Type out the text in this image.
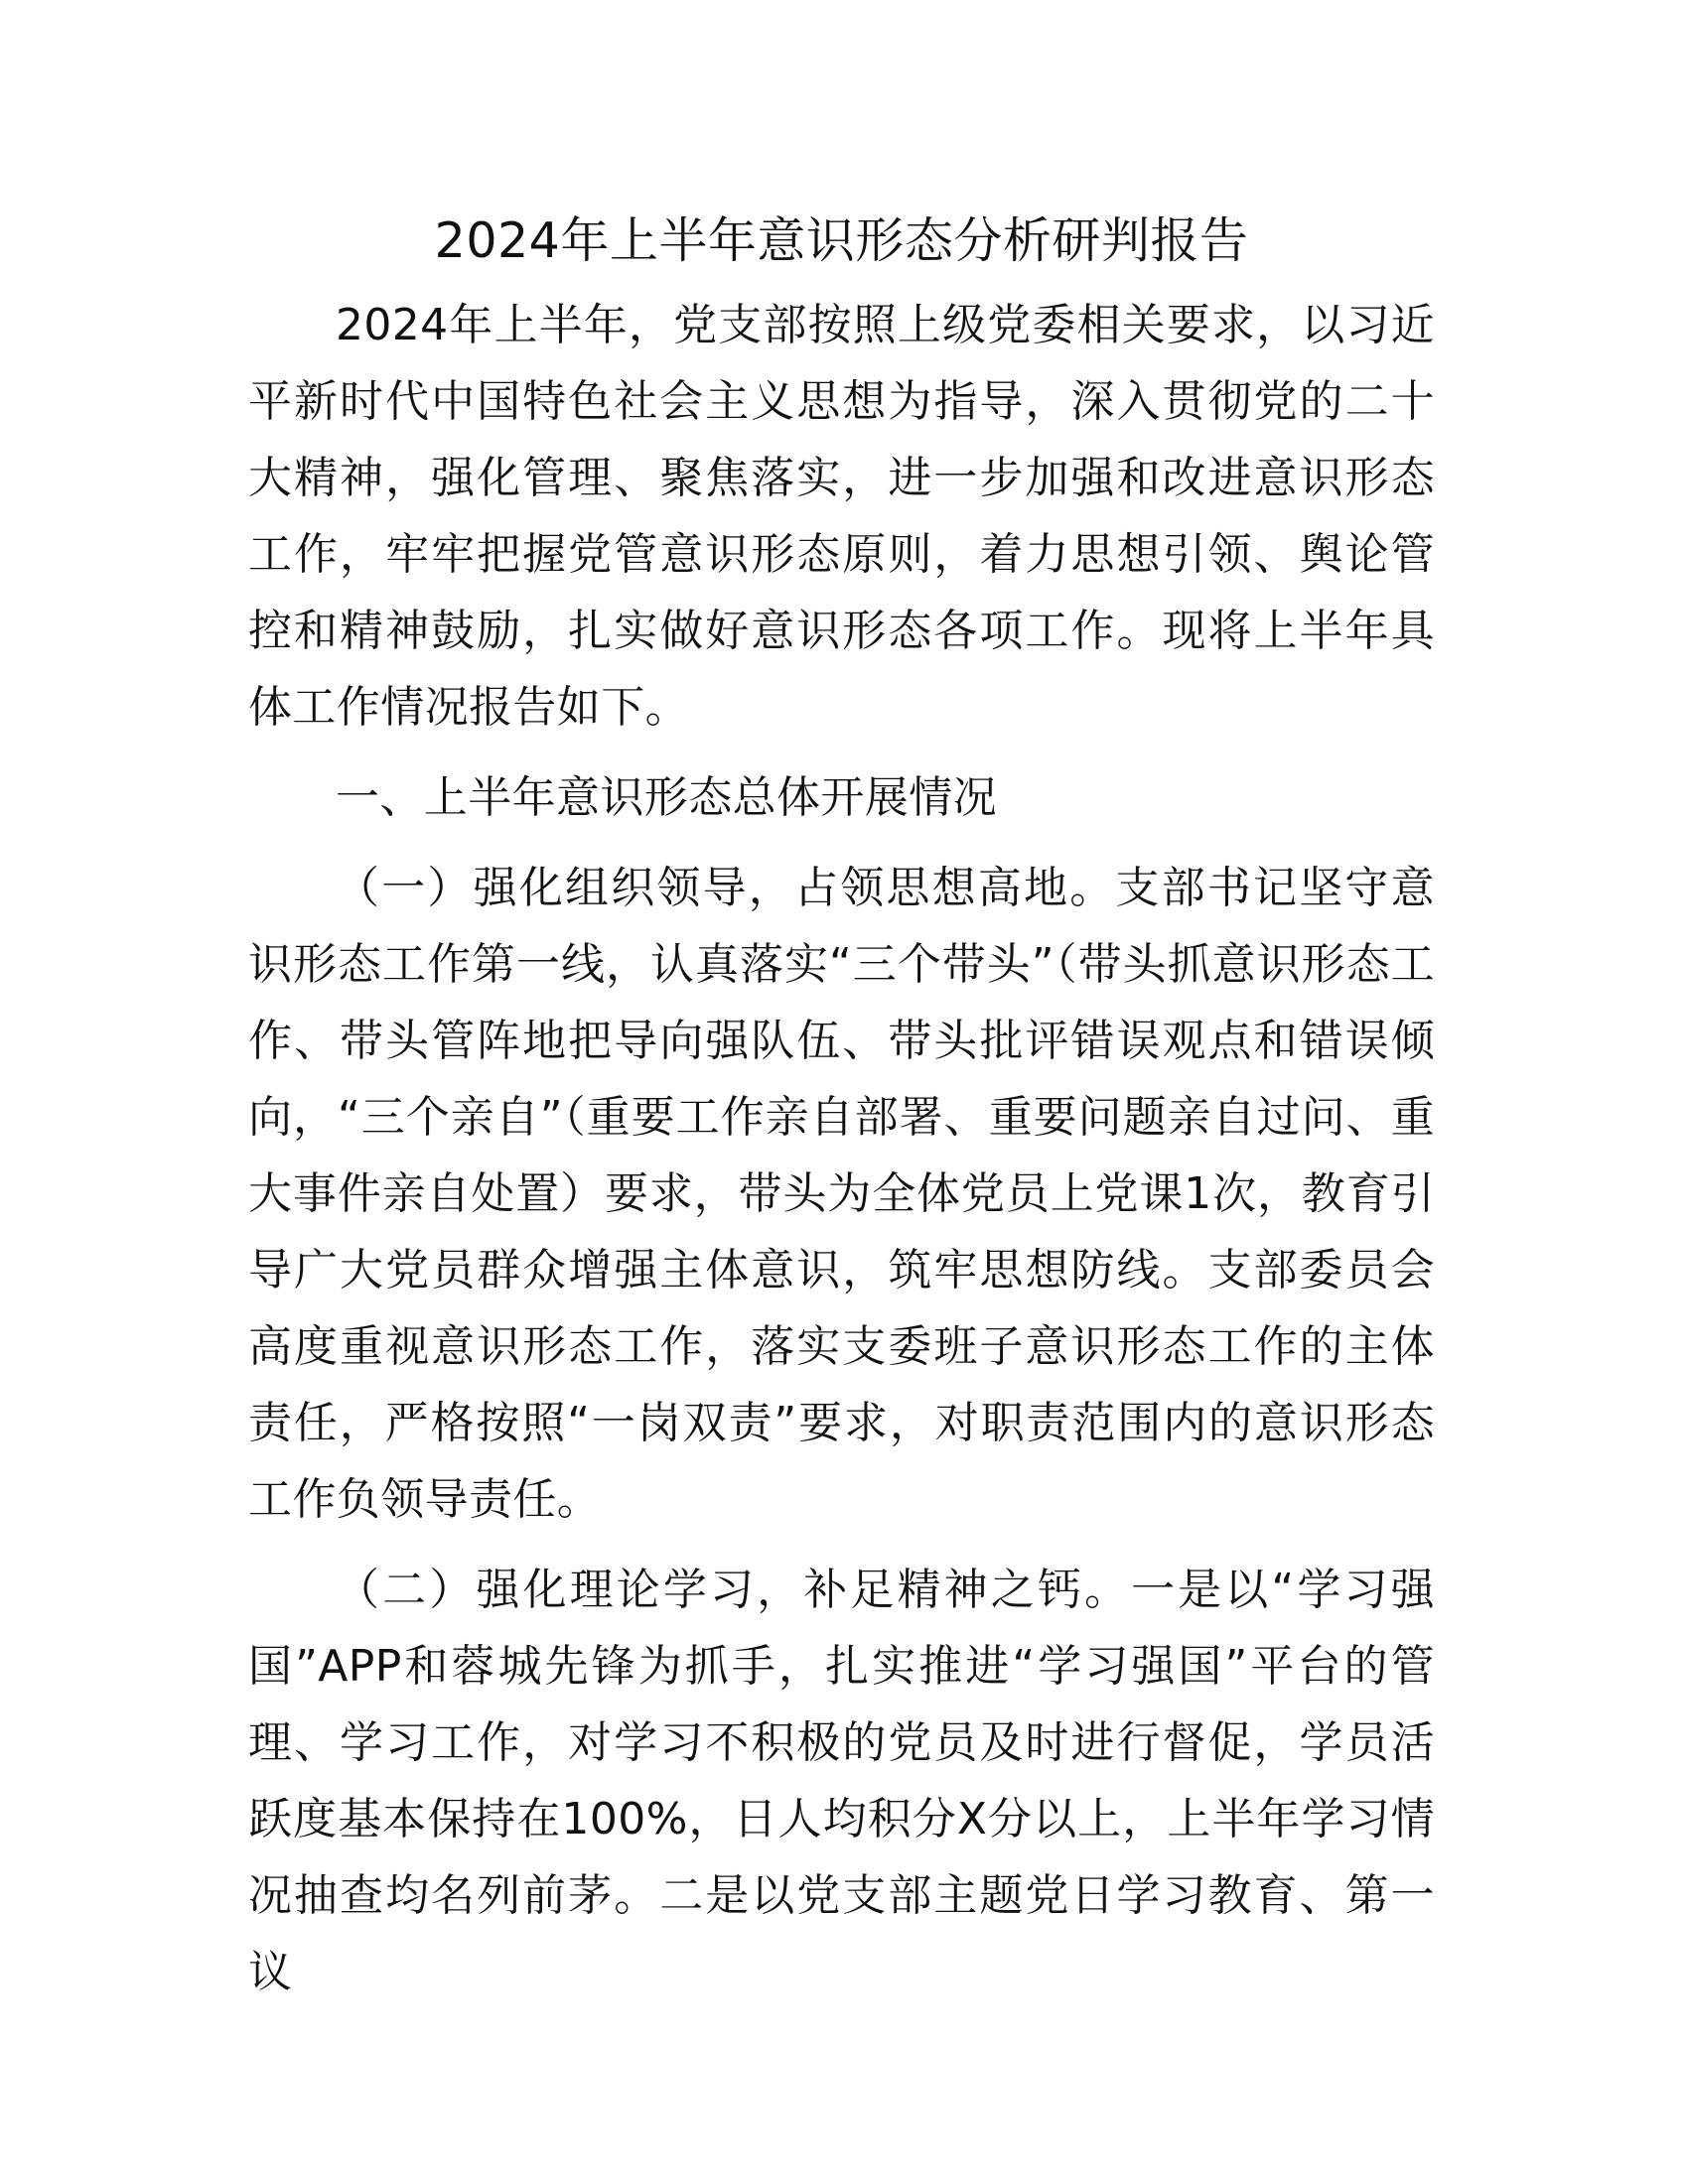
2024年上半年意识形态分析研判报告

2024年上半年，党支部按照上级党委相关要求，以习近平新时代中国特色社会主义思想为指导，深入贯彻党的二十大精神，强化管理、聚焦落实，进一步加强和改进意识形态工作，牢牢把握党管意识形态原则，着力思想引领、舆论管控和精神鼓励，扎实做好意识形态各项工作。现将上半年具体工作情况报告如下。

一、上半年意识形态总体开展情况

（一）强化组织领导，占领思想高地。支部书记坚守意识形态工作第一线，认真落实“三个带头”（带头抓意识形态工作、带头管阵地把导向强队伍、带头批评错误观点和错误倾向，“三个亲自”（重要工作亲自部署、重要问题亲自过问、重大事件亲自处置）要求，带头为全体党员上党课1次，教育引导广大党员群众增强主体意识，筑牢思想防线。支部委员会高度重视意识形态工作，落实支委班子意识形态工作的主体责任，严格按照“一岗双责”要求，对职责范围内的意识形态工作负领导责任。

（二）强化理论学习，补足精神之钙。一是以“学习强国”APP和蓉城先锋为抓手，扎实推进“学习强国”平台的管理、学习工作，对学习不积极的党员及时进行督促，学员活跃度基本保持在100%，日人均积分X分以上，上半年学习情况抽查均名列前茅。二是以党支部主题党日学习教育、第一议
